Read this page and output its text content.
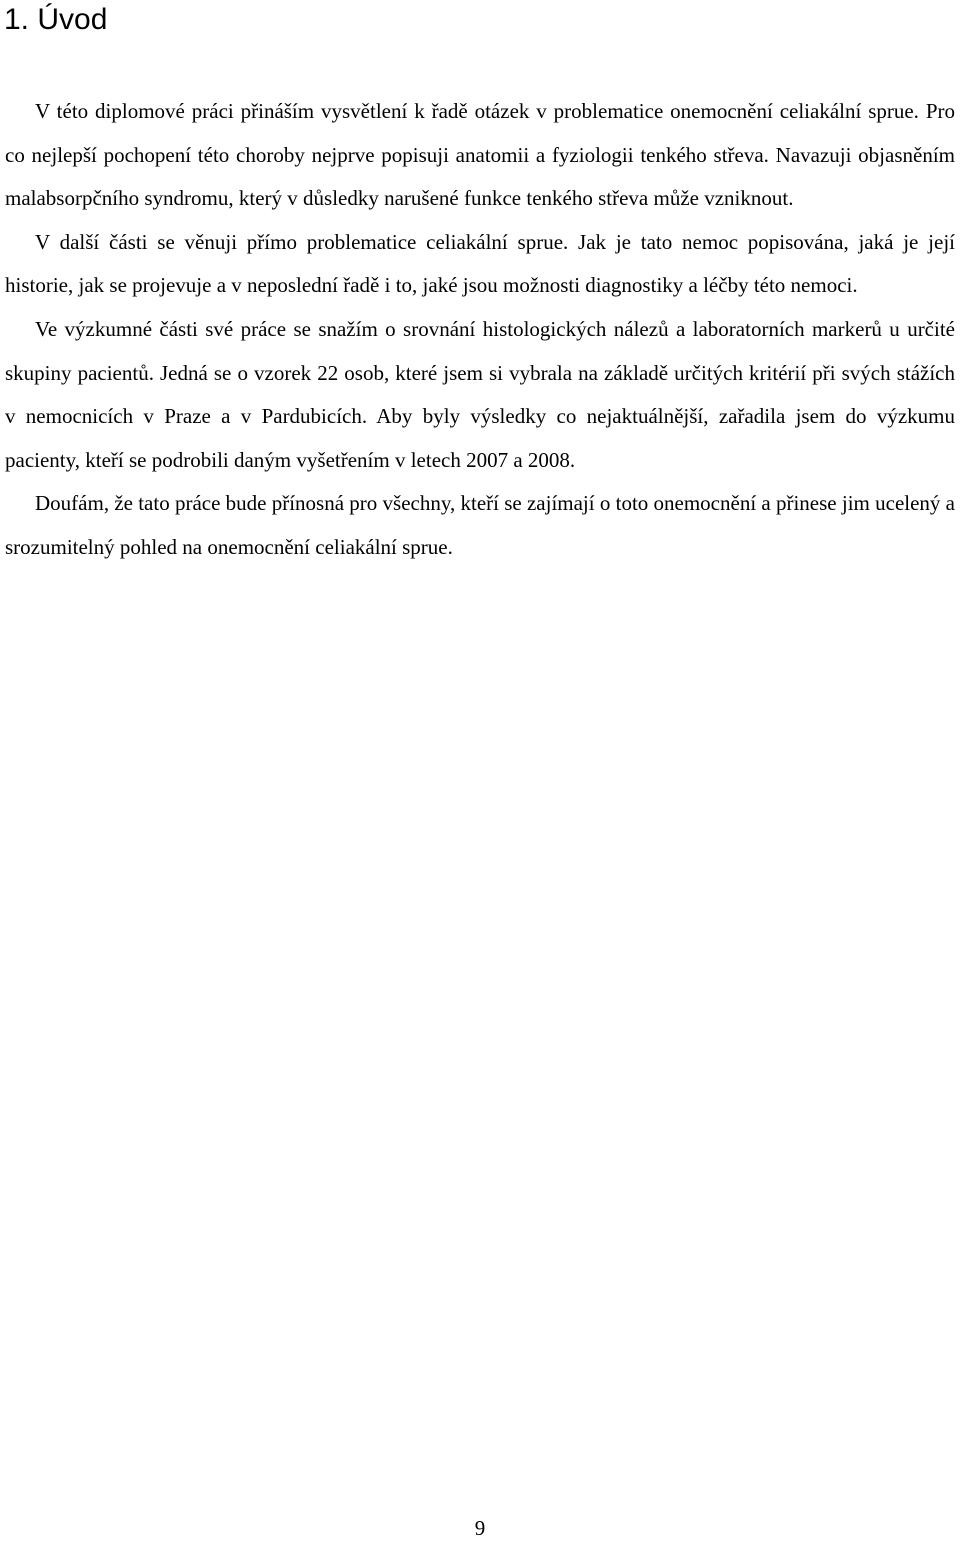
1. Úvod

V této diplomové práci přináším vysvětlení k řadě otázek v problematice onemocnění celiakální sprue. Pro co nejlepší pochopení této choroby nejprve popisuji anatomii a fyziologii tenkého střeva. Navazuji objasněním malabsorpčního syndromu, který v důsledky narušené funkce tenkého střeva může vzniknout.

V další části se věnuji přímo problematice celiakální sprue. Jak je tato nemoc popisována, jaká je její historie, jak se projevuje a v neposlední řadě i to, jaké jsou možnosti diagnostiky a léčby této nemoci.

Ve výzkumné části své práce se snažím o srovnání histologických nálezů a laboratorních markerů u určité skupiny pacientů. Jedná se o vzorek 22 osob, které jsem si vybrala na základě určitých kritérií při svých stážích v nemocnicích v Praze a v Pardubicích. Aby byly výsledky co nejaktuálnější, zařadila jsem do výzkumu pacienty, kteří se podrobili daným vyšetřením v letech 2007 a 2008.

Doufám, že tato práce bude přínosná pro všechny, kteří se zajímají o toto onemocnění a přinese jim ucelený a srozumitelný pohled na onemocnění celiakální sprue.

9
